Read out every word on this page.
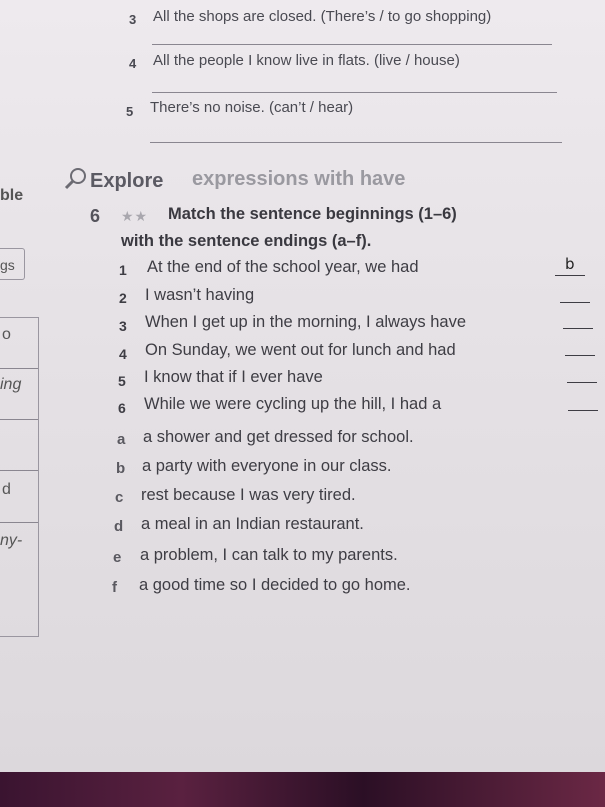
3 All the shops are closed. (There’s / to go shopping)
4 All the people I know live in flats. (live / house)
5 There’s no noise. (can’t / hear)
ble
gs
o
ing
d
ny-
Explore expressions with have
6 ★★ Match the sentence beginnings (1–6)
with the sentence endings (a–f).
1 At the end of the school year, we had	b
2 I wasn’t having
3 When I get up in the morning, I always have
4 On Sunday, we went out for lunch and had
5 I know that if I ever have
6 While we were cycling up the hill, I had a
a a shower and get dressed for school.
b a party with everyone in our class.
c rest because I was very tired.
d a meal in an Indian restaurant.
e a problem, I can talk to my parents.
f a good time so I decided to go home.
